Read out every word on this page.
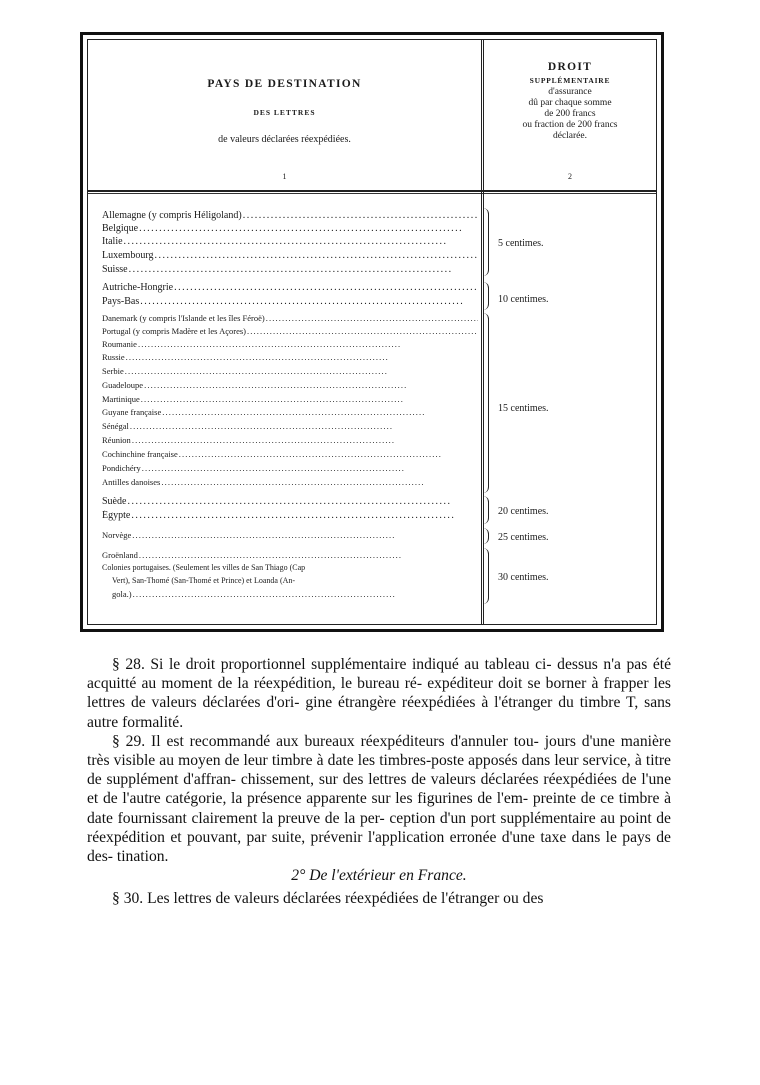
PAYS DE DESTINATION
DES LETTRES
de valeurs déclarées réexpédiées.
1
DROIT
SUPPLÉMENTAIRE
d'assurance
dû par chaque somme
de 200 francs
ou fraction de 200 francs
déclarée.
2
Allemagne (y compris Héligoland)
. . .
Belgique
. . .
Italie
. . .
Luxembourg
. . .
Suisse
. . .
Autriche-Hongrie
. . .
Pays-Bas
. . .
Danemark (y compris l'Islande et les îles Féroë)
. . .
Portugal (y compris Madère et les Açores)
. . .
Roumanie
. . .
Russie
. . .
Serbie
. . .
Guadeloupe
. . .
Martinique
. . .
Guyane française
. . .
Sénégal
. . .
Réunion
. . .
Cochinchine française
. . .
Pondichéry
. . .
Antilles danoises
. . .
Suède
. . .
Égypte
. . .
Norvège
. . .
Groënland
. . .
Colonies portugaises. (Seulement les villes de San Thiago (Cap
Vert), San-Thomé (San-Thomé et Prince) et Loanda (An-
gola.)
. . .
5 centimes.
10 centimes.
15 centimes.
20 centimes.
25 centimes.
30 centimes.

§ 28. Si le droit proportionnel supplémentaire indiqué au tableau ci- dessus n'a pas été acquitté au moment de la réexpédition, le bureau ré- expéditeur doit se borner à frapper les lettres de valeurs déclarées d'ori- gine étrangère réexpédiées à l'étranger du timbre T, sans autre formalité.

§ 29. Il est recommandé aux bureaux réexpéditeurs d'annuler tou- jours d'une manière très visible au moyen de leur timbre à date les timbres-poste apposés dans leur service, à titre de supplément d'affran- chissement, sur des lettres de valeurs déclarées réexpédiées de l'une et de l'autre catégorie, la présence apparente sur les figurines de l'em- preinte de ce timbre à date fournissant clairement la preuve de la per- ception d'un port supplémentaire au point de réexpédition et pouvant, par suite, prévenir l'application erronée d'une taxe dans le pays de des- tination.

2° De l'extérieur en France.

§ 30. Les lettres de valeurs déclarées réexpédiées de l'étranger ou des
